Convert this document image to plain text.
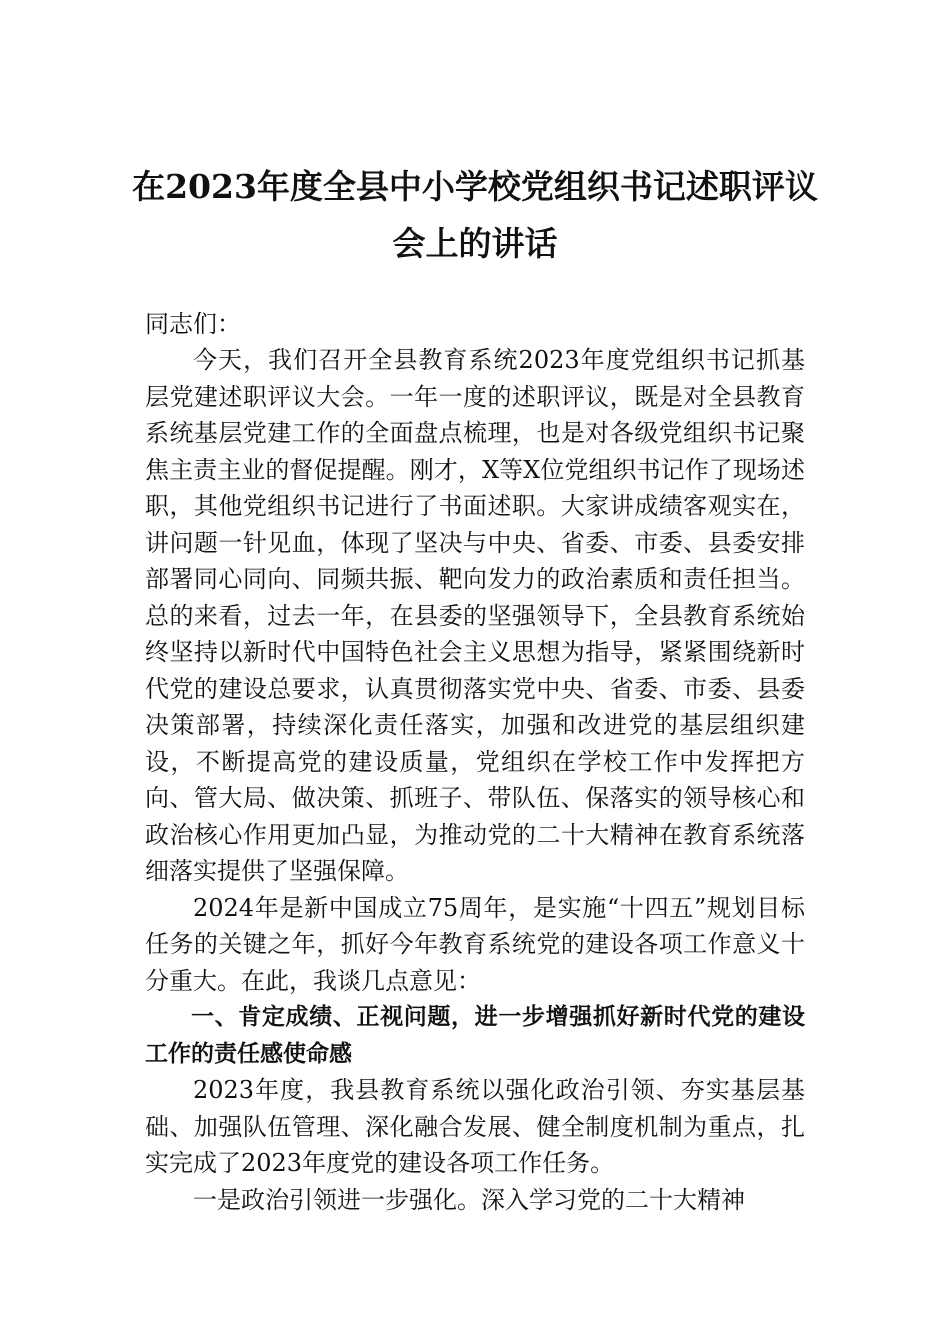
在2023年度全县中小学校党组织书记述职评议会上的讲话

同志们：

今天，我们召开全县教育系统2023年度党组织书记抓基层党建述职评议大会。一年一度的述职评议，既是对全县教育系统基层党建工作的全面盘点梳理，也是对各级党组织书记聚焦主责主业的督促提醒。刚才，X等X位党组织书记作了现场述职，其他党组织书记进行了书面述职。大家讲成绩客观实在，讲问题一针见血，体现了坚决与中央、省委、市委、县委安排部署同心同向、同频共振、靶向发力的政治素质和责任担当。总的来看，过去一年，在县委的坚强领导下，全县教育系统始终坚持以新时代中国特色社会主义思想为指导，紧紧围绕新时代党的建设总要求，认真贯彻落实党中央、省委、市委、县委决策部署，持续深化责任落实，加强和改进党的基层组织建设，不断提高党的建设质量，党组织在学校工作中发挥把方向、管大局、做决策、抓班子、带队伍、保落实的领导核心和政治核心作用更加凸显，为推动党的二十大精神在教育系统落细落实提供了坚强保障。

2024年是新中国成立75周年，是实施“十四五”规划目标任务的关键之年，抓好今年教育系统党的建设各项工作意义十分重大。在此，我谈几点意见：

一、肯定成绩、正视问题，进一步增强抓好新时代党的建设工作的责任感使命感

2023年度，我县教育系统以强化政治引领、夯实基层基础、加强队伍管理、深化融合发展、健全制度机制为重点，扎实完成了2023年度党的建设各项工作任务。

一是政治引领进一步强化。深入学习党的二十大精神
